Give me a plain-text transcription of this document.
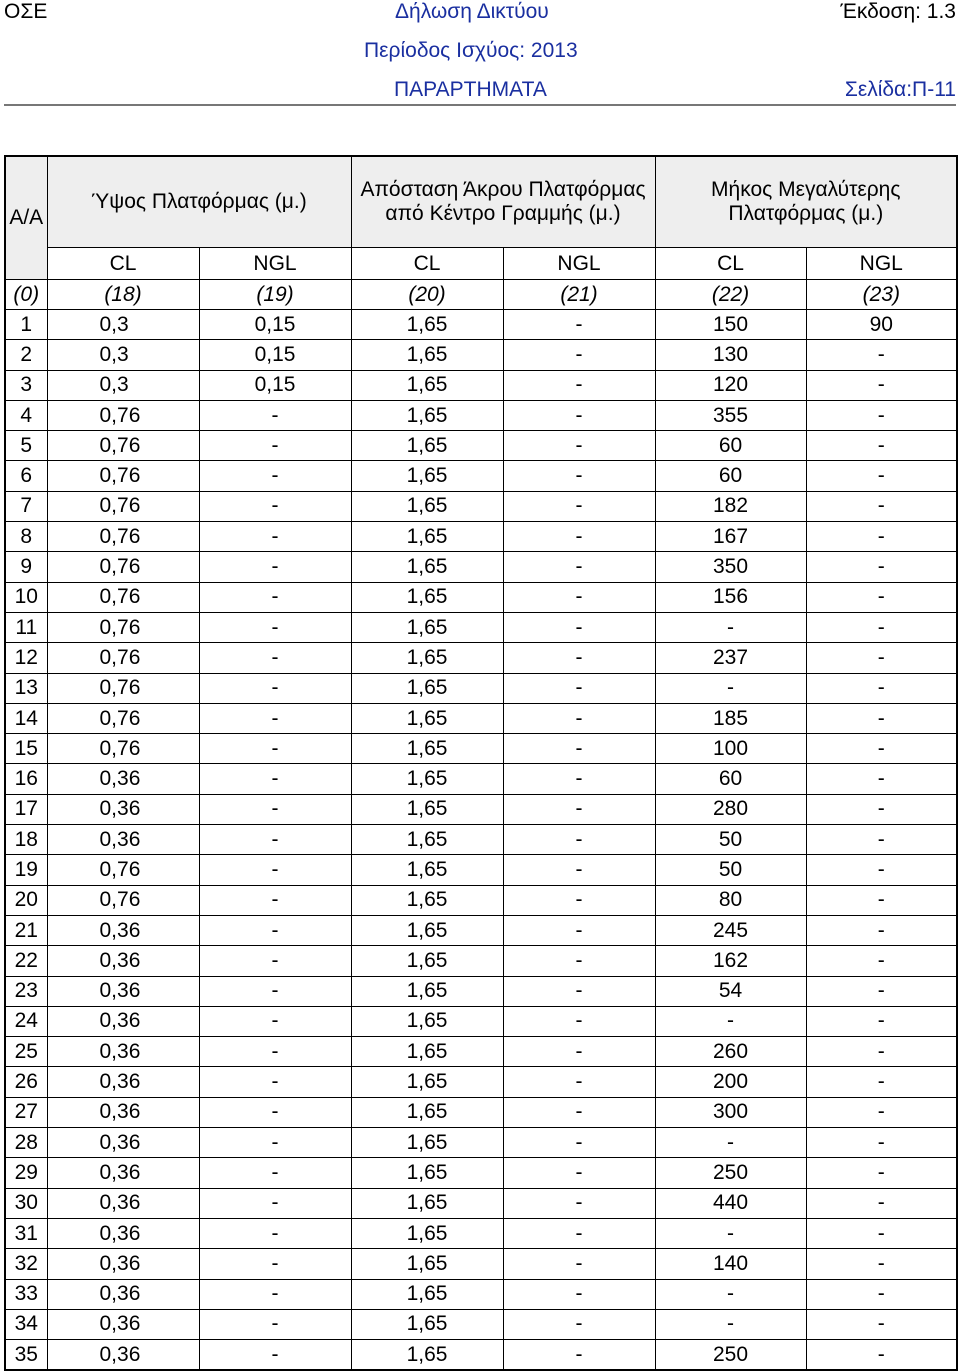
ΟΣΕ	Δήλωση Δικτύου	Έκδοση: 1.3
Περίοδος Ισχύος: 2013
ΠΑΡΑΡΤΗΜΑΤΑ	Σελίδα:Π-11
Α/Α	Ύψος Πλατφόρμας (μ.)		Απόσταση Άκρου Πλατφόρμας από Κέντρο Γραμμής (μ.)		Μήκος Μεγαλύτερης Πλατφόρμας (μ.)	
	CL	NGL	CL	NGL	CL	NGL
(0)	(18)	(19)	(20)	(21)	(22)	(23)
1	0,3	0,15	1,65	-	150	90
2	0,3	0,15	1,65	-	130	-
3	0,3	0,15	1,65	-	120	-
4	0,76	-	1,65	-	355	-
5	0,76	-	1,65	-	60	-
6	0,76	-	1,65	-	60	-
7	0,76	-	1,65	-	182	-
8	0,76	-	1,65	-	167	-
9	0,76	-	1,65	-	350	-
10	0,76	-	1,65	-	156	-
11	0,76	-	1,65	-	-	-
12	0,76	-	1,65	-	237	-
13	0,76	-	1,65	-	-	-
14	0,76	-	1,65	-	185	-
15	0,76	-	1,65	-	100	-
16	0,36	-	1,65	-	60	-
17	0,36	-	1,65	-	280	-
18	0,36	-	1,65	-	50	-
19	0,76	-	1,65	-	50	-
20	0,76	-	1,65	-	80	-
21	0,36	-	1,65	-	245	-
22	0,36	-	1,65	-	162	-
23	0,36	-	1,65	-	54	-
24	0,36	-	1,65	-	-	-
25	0,36	-	1,65	-	260	-
26	0,36	-	1,65	-	200	-
27	0,36	-	1,65	-	300	-
28	0,36	-	1,65	-	-	-
29	0,36	-	1,65	-	250	-
30	0,36	-	1,65	-	440	-
31	0,36	-	1,65	-	-	-
32	0,36	-	1,65	-	140	-
33	0,36	-	1,65	-	-	-
34	0,36	-	1,65	-	-	-
35	0,36	-	1,65	-	250	-
